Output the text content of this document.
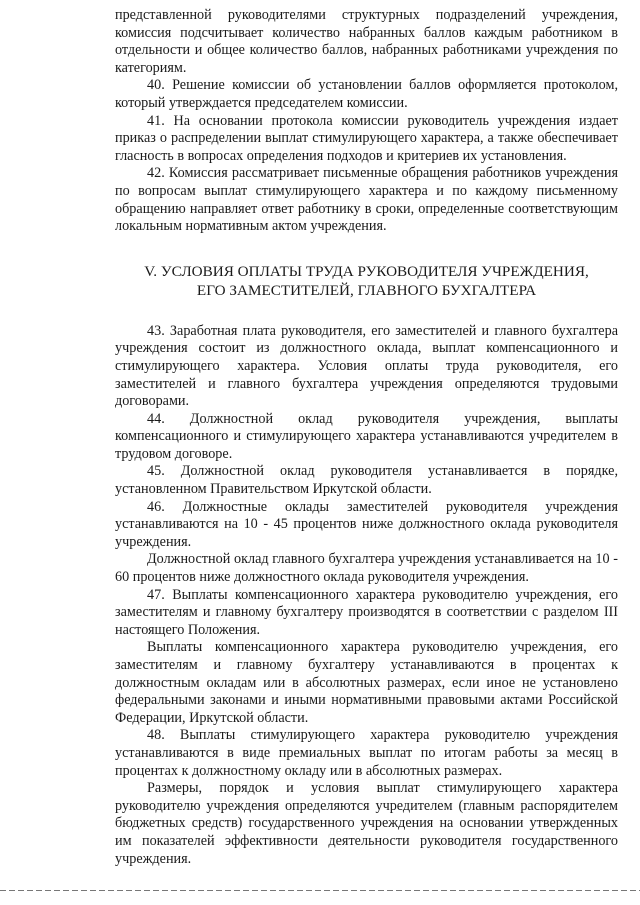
представленной руководителями структурных подразделений учреждения, комиссия подсчитывает количество набранных баллов каждым работником в отдельности и общее количество баллов, набранных работниками учреждения по категориям.

40. Решение комиссии об установлении баллов оформляется протоколом, который утверждается председателем комиссии.

41. На основании протокола комиссии руководитель учреждения издает приказ о распределении выплат стимулирующего характера, а также обеспечивает гласность в вопросах определения подходов и критериев их установления.

42. Комиссия рассматривает письменные обращения работников учреждения по вопросам выплат стимулирующего характера и по каждому письменному обращению направляет ответ работнику в сроки, определенные соответствующим локальным нормативным актом учреждения.

V. УСЛОВИЯ ОПЛАТЫ ТРУДА РУКОВОДИТЕЛЯ УЧРЕЖДЕНИЯ,
ЕГО ЗАМЕСТИТЕЛЕЙ, ГЛАВНОГО БУХГАЛТЕРА

43. Заработная плата руководителя, его заместителей и главного бухгалтера учреждения состоит из должностного оклада, выплат компенсационного и стимулирующего характера. Условия оплаты труда руководителя, его заместителей и главного бухгалтера учреждения определяются трудовыми договорами.

44. Должностной оклад руководителя учреждения, выплаты компенсационного и стимулирующего характера устанавливаются учредителем в трудовом договоре.

45. Должностной оклад руководителя устанавливается в порядке, установленном Правительством Иркутской области.

46. Должностные оклады заместителей руководителя учреждения устанавливаются на 10 - 45 процентов ниже должностного оклада руководителя учреждения.

Должностной оклад главного бухгалтера учреждения устанавливается на 10 - 60 процентов ниже должностного оклада руководителя учреждения.

47. Выплаты компенсационного характера руководителю учреждения, его заместителям и главному бухгалтеру производятся в соответствии с разделом III настоящего Положения.

Выплаты компенсационного характера руководителю учреждения, его заместителям и главному бухгалтеру устанавливаются в процентах к должностным окладам или в абсолютных размерах, если иное не установлено федеральными законами и иными нормативными правовыми актами Российской Федерации, Иркутской области.

48. Выплаты стимулирующего характера руководителю учреждения устанавливаются в виде премиальных выплат по итогам работы за месяц в процентах к должностному окладу или в абсолютных размерах.

Размеры, порядок и условия выплат стимулирующего характера руководителю учреждения определяются учредителем (главным распорядителем бюджетных средств) государственного учреждения на основании утвержденных им показателей эффективности деятельности руководителя государственного учреждения.
